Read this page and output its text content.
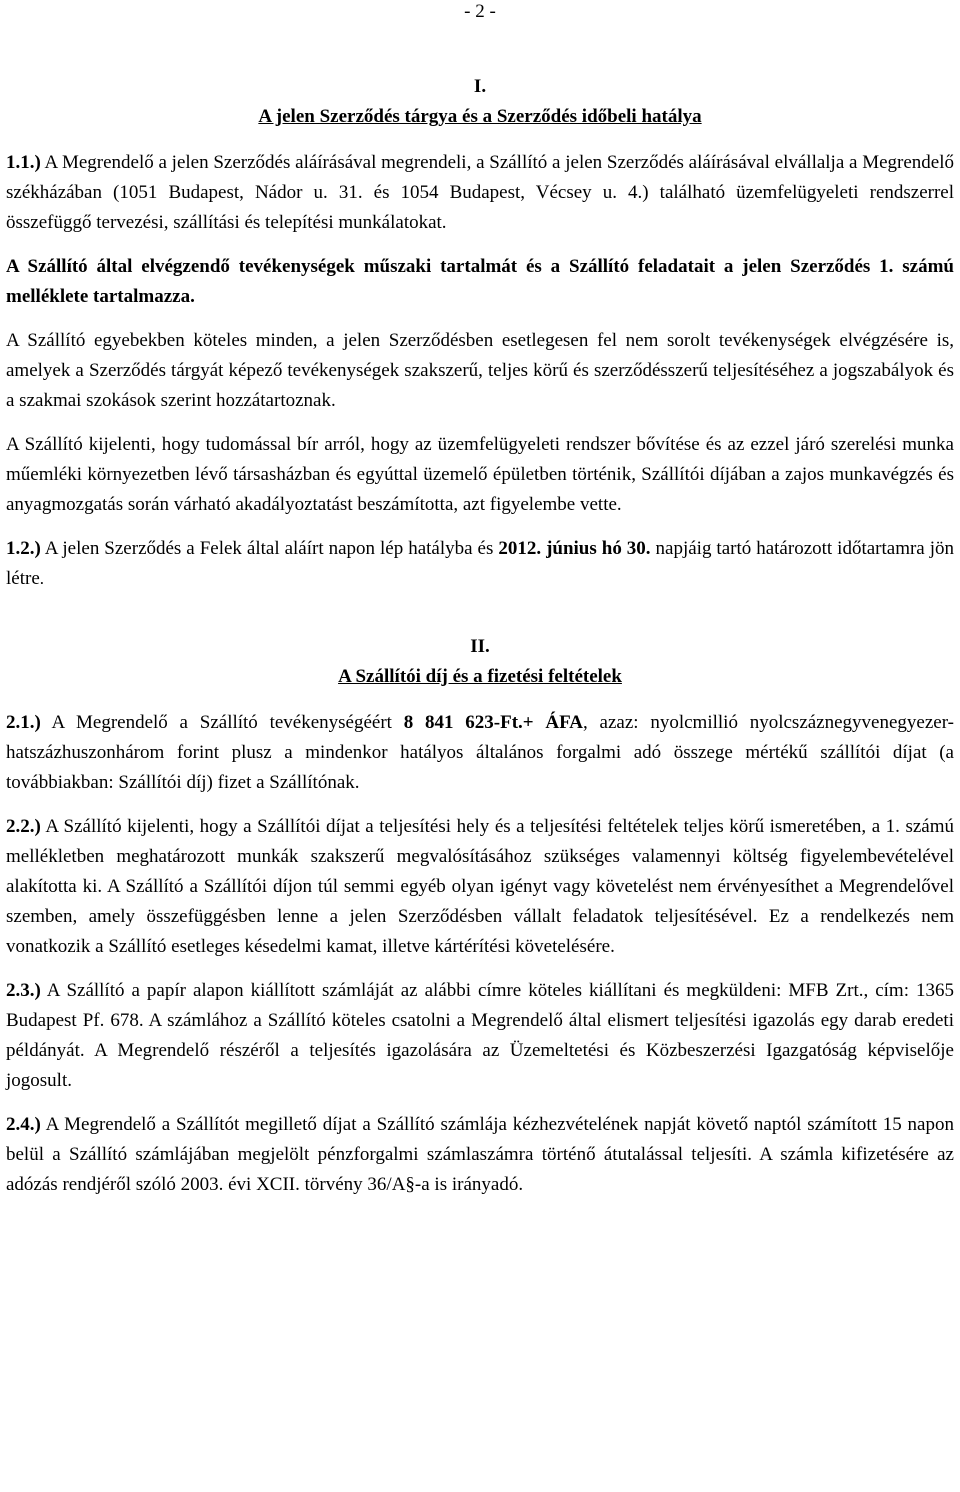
- 2 -
I.
A jelen Szerződés tárgya és a Szerződés időbeli hatálya

1.1.) A Megrendelő a jelen Szerződés aláírásával megrendeli, a Szállító a jelen Szerződés aláírásával elvállalja a Megrendelő székházában (1051 Budapest, Nádor u. 31. és 1054 Budapest, Vécsey u. 4.) található üzemfelügyeleti rendszerrel összefüggő tervezési, szállítási és telepítési munkálatokat.

A Szállító által elvégzendő tevékenységek műszaki tartalmát és a Szállító feladatait a jelen Szerződés 1. számú melléklete tartalmazza.

A Szállító egyebekben köteles minden, a jelen Szerződésben esetlegesen fel nem sorolt tevékenységek elvégzésére is, amelyek a Szerződés tárgyát képező tevékenységek szakszerű, teljes körű és szerződésszerű teljesítéséhez a jogszabályok és a szakmai szokások szerint hozzátartoznak.

A Szállító kijelenti, hogy tudomással bír arról, hogy az üzemfelügyeleti rendszer bővítése és az ezzel járó szerelési munka műemléki környezetben lévő társasházban és egyúttal üzemelő épületben történik, Szállítói díjában a zajos munkavégzés és anyagmozgatás során várható akadályoztatást beszámította, azt figyelembe vette.

1.2.) A jelen Szerződés a Felek által aláírt napon lép hatályba és 2012. június hó 30. napjáig tartó határozott időtartamra jön létre.

II.
A Szállítói díj és a fizetési feltételek

2.1.) A Megrendelő a Szállító tevékenységéért 8 841 623-Ft.+ ÁFA, azaz: nyolcmillió nyolcszáznegyvenegyezer-hatszázhuszonhárom forint plusz a mindenkor hatályos általános forgalmi adó összege mértékű szállítói díjat (a továbbiakban: Szállítói díj) fizet a Szállítónak.

2.2.) A Szállító kijelenti, hogy a Szállítói díjat a teljesítési hely és a teljesítési feltételek teljes körű ismeretében, a 1. számú mellékletben meghatározott munkák szakszerű megvalósításához szükséges valamennyi költség figyelembevételével alakította ki. A Szállító a Szállítói díjon túl semmi egyéb olyan igényt vagy követelést nem érvényesíthet a Megrendelővel szemben, amely összefüggésben lenne a jelen Szerződésben vállalt feladatok teljesítésével. Ez a rendelkezés nem vonatkozik a Szállító esetleges késedelmi kamat, illetve kártérítési követelésére.

2.3.) A Szállító a papír alapon kiállított számláját az alábbi címre köteles kiállítani és megküldeni: MFB Zrt., cím: 1365 Budapest Pf. 678. A számlához a Szállító köteles csatolni a Megrendelő által elismert teljesítési igazolás egy darab eredeti példányát. A Megrendelő részéről a teljesítés igazolására az Üzemeltetési és Közbeszerzési Igazgatóság képviselője jogosult.

2.4.) A Megrendelő a Szállítót megillető díjat a Szállító számlája kézhezvételének napját követő naptól számított 15 napon belül a Szállító számlájában megjelölt pénzforgalmi számlaszámra történő átutalással teljesíti. A számla kifizetésére az adózás rendjéről szóló 2003. évi XCII. törvény 36/A§-a is irányadó.
